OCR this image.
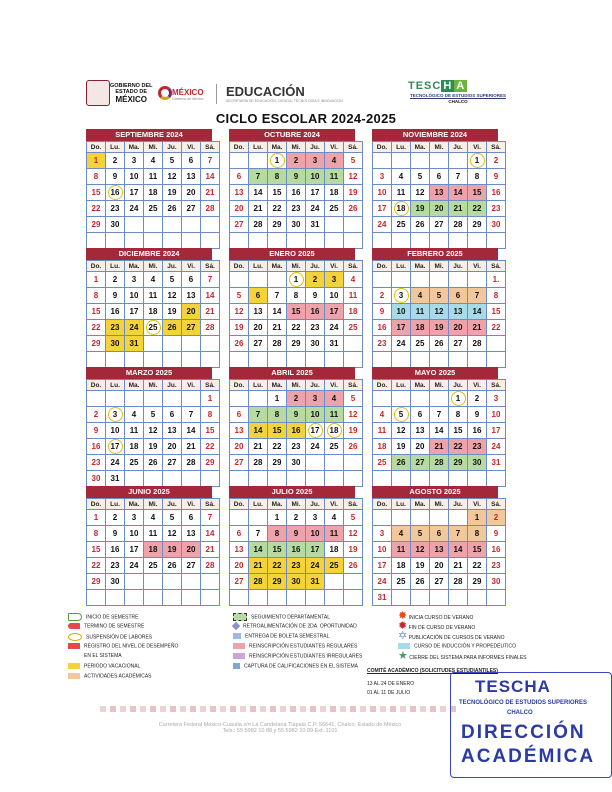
GOBIERNO DEL
ESTADO DE
MÉXICO
MÉXICO
Gobierno de México	EDUCACIÓN
SECRETARÍA DE EDUCACIÓN, CIENCIA, TECNOLOGÍA E INNOVACIÓN
TESC H A
TECNOLÓGICO DE ESTUDIOS SUPERIORES
CHALCO
CICLO ESCOLAR 2024-2025
SEPTIEMBRE 2024
Do.	Lu.	Ma.	Mi.	Ju.	Vi.	Sá.
1	2	3	4	5	6	7
8	9	10	11	12	13	14
15	16	17	18	19	20	21
22	23	24	25	26	27	28
29	30					

OCTUBRE 2024
Do.	Lu.	Ma.	Mi.	Ju.	Vi.	Sá.
		1	2	3	4	5
6	7	8	9	10	11	12
13	14	15	16	17	18	19
20	21	22	23	24	25	26
27	28	29	30	31		

NOVIEMBRE 2024
Do.	Lu.	Ma.	Mi.	Ju.	Vi.	Sá.
					1	2
3	4	5	6	7	8	9
10	11	12	13	14	15	16
17	18	19	20	21	22	23
24	25	26	27	28	29	30

DICIEMBRE 2024
Do.	Lu.	Ma.	Mi.	Ju.	Vi.	Sá.
1	2	3	4	5	6	7
8	9	10	11	12	13	14
15	16	17	18	19	20	21
22	23	24	25	26	27	28
29	30	31				

ENERO 2025
Do.	Lu.	Ma.	Mi.	Ju.	Vi.	Sá.
			1	2	3	4
5	6	7	8	9	10	11
12	13	14	15	16	17	18
19	20	21	22	23	24	25
26	27	28	29	30	31	

FEBRERO 2025
Do.	Lu.	Ma.	Mi.	Ju.	Vi.	Sá.
						1.
2	3	4	5	6	7	8
9	10	11	12	13	14	15
16	17	18	19	20	21	22
23	24	25	26	27	28	

MARZO 2025
Do.	Lu.	Ma.	Mi.	Ju.	Vi.	Sá.
						1
2	3	4	5	6	7	8
9	10	11	12	13	14	15
16	17	18	19	20	21	22
23	24	25	26	27	28	29
30	31					
ABRIL 2025
Do.	Lu.	Ma.	Mi.	Ju.	Vi.	Sá.
		1	2	3	4	5
6	7	8	9	10	11	12
13	14	15	16	17	18	19
20	21	22	23	24	25	26
27	28	29	30			

MAYO 2025
Do.	Lu.	Ma.	Mi.	Ju.	Vi.	Sá.
				1	2	3
4	5	6	7	8	9	10
11	12	13	14	15	16	17
18	19	20	21	22	23	24
25	26	27	28	29	30	31

JUNIO 2025
Do.	Lu.	Ma.	Mi.	Ju.	Vi.	Sá.
1	2	3	4	5	6	7
8	9	10	11	12	13	14
15	16	17	18	19	20	21
22	23	24	25	26	27	28
29	30					

JULIO 2025
Do.	Lu.	Ma.	Mi.	Ju.	Vi.	Sá.
		1	2	3	4	5
6	7	8	9	10	11	12
13	14	15	16	17	18	19
20	21	22	23	24	25	26
27	28	29	30	31		

AGOSTO 2025
Do.	Lu.	Ma.	Mi.	Ju.	Vi.	Sá.
					1	2
3	4	5	6	7	8	9
10	11	12	13	14	15	16
17	18	19	20	21	22	23
24	25	26	27	28	29	30
31						
INICIO DE SEMESTRE
TERMINO DE SEMESTRE
SUSPENSIÓN DE LABORES
REGISTRO DEL NIVEL DE DESEMPEÑO
EN EL SISTEMA
PERIODO VACACIONAL
ACTIVIDADES ACADÉMICAS
SEGUIMIENTO DEPARTAMENTAL
RETROALIMENTACIÓN DE 2DA. OPORTUNIDAD
ENTREGA DE BOLETA SEMESTRAL
REINSCRIPCIÓN ESTUDIANTES REGULARES
REINSCRIPCIÓN ESTUDIANTES IRREGULARES
CAPTURA DE CALIFICACIONES EN EL SISTEMA
✸ INICIA CURSO DE VERANO
✹ FIN DE CURSO DE VERANO
✡ PUBLICACIÓN DE CURSOS DE VERANO
CURSO DE INDUCCIÓN Y PROPEDÉUTICO
★ CIERRE DEL SISTEMA PARA INFORMES FINALES
COMITÉ ACADÉMICO (SOLICITUDES ESTUDIANTILES)
13 AL 24 DE ENERO
01 AL 11 DE JULIO
Carretera Federal México-Cuautla s/n La Candelaria Tlapala C.P. 56641, Chalco, Estado de México
Tels.: 55 5982 10 88 y 55 5982 10 89 Ext. 1101
TESCHA
TECNOLÓGICO DE ESTUDIOS SUPERIORES
CHALCO
DIRECCIÓN
ACADÉMICA
